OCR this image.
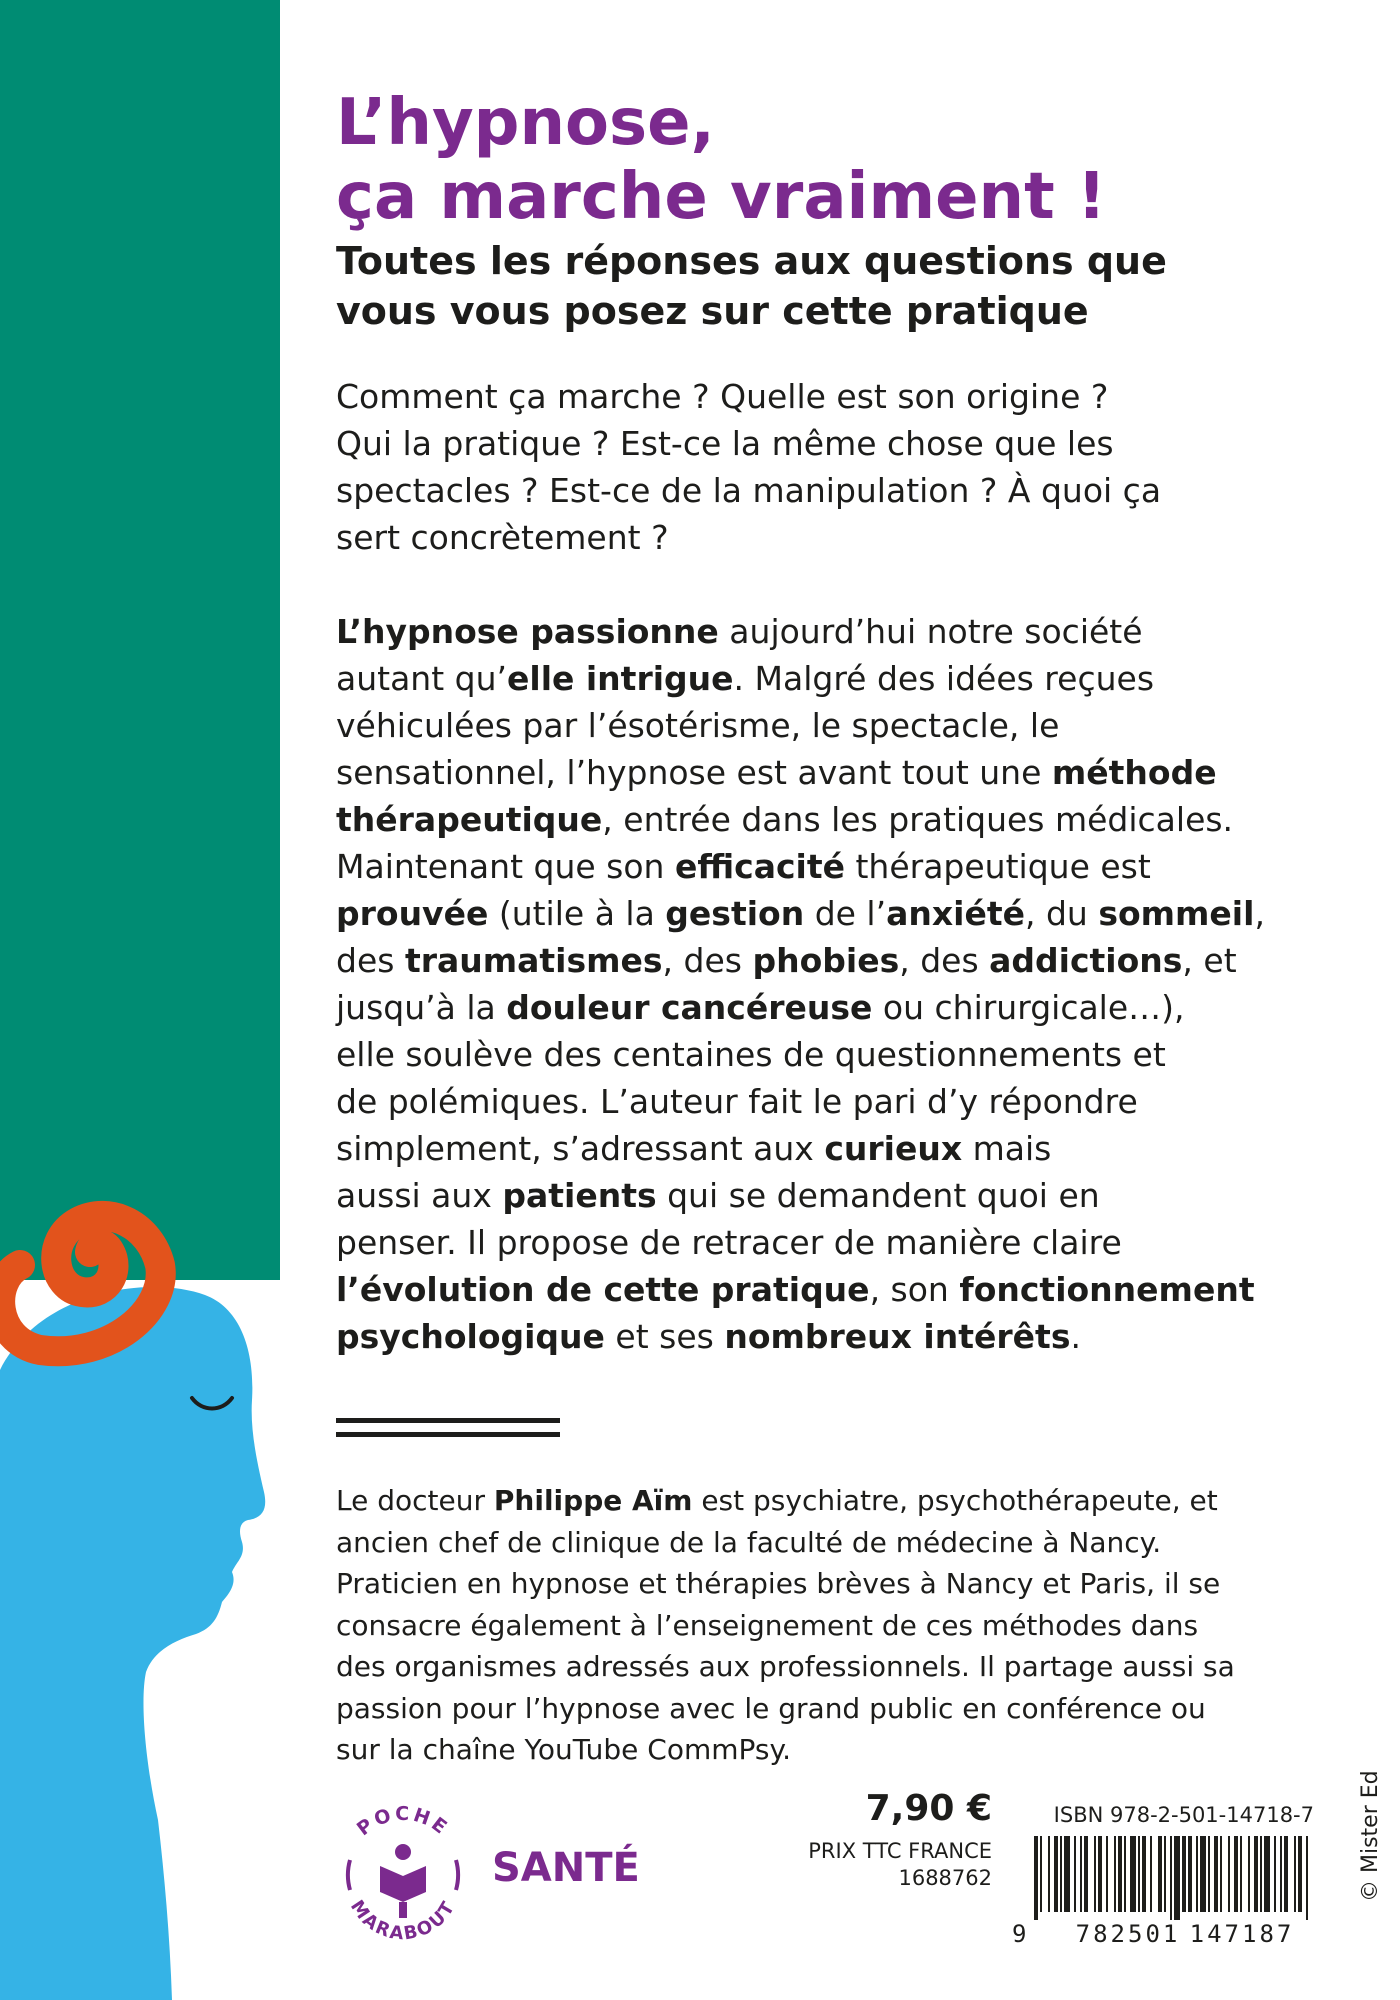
L’hypnose,
ça marche vraiment !
Toutes les réponses aux questions que
vous vous posez sur cette pratique
Comment ça marche ? Quelle est son origine ?
Qui la pratique ? Est-ce la même chose que les
spectacles ? Est-ce de la manipulation ? À quoi ça
sert concrètement ?
L’hypnose passionne aujourd’hui notre société
autant qu’elle intrigue. Malgré des idées reçues
véhiculées par l’ésotérisme, le spectacle, le
sensationnel, l’hypnose est avant tout une méthode
thérapeutique, entrée dans les pratiques médicales.
Maintenant que son efficacité thérapeutique est
prouvée (utile à la gestion de l’anxiété, du sommeil,
des traumatismes, des phobies, des addictions, et
jusqu’à la douleur cancéreuse ou chirurgicale…),
elle soulève des centaines de questionnements et
de polémiques. L’auteur fait le pari d’y répondre
simplement, s’adressant aux curieux mais
aussi aux patients qui se demandent quoi en
penser. Il propose de retracer de manière claire
l’évolution de cette pratique, son fonctionnement
psychologique et ses nombreux intérêts.
Le docteur Philippe Aïm est psychiatre, psychothérapeute, et
ancien chef de clinique de la faculté de médecine à Nancy.
Praticien en hypnose et thérapies brèves à Nancy et Paris, il se
consacre également à l’enseignement de ces méthodes dans
des organismes adressés aux professionnels. Il partage aussi sa
passion pour l’hypnose avec le grand public en conférence ou
sur la chaîne YouTube CommPsy.
POCHE
MARABOUT
SANTÉ
7,90 €
PRIX TTC FRANCE
1688762
ISBN 978-2-501-14718-7
9 782501 147187
© Mister Ed
